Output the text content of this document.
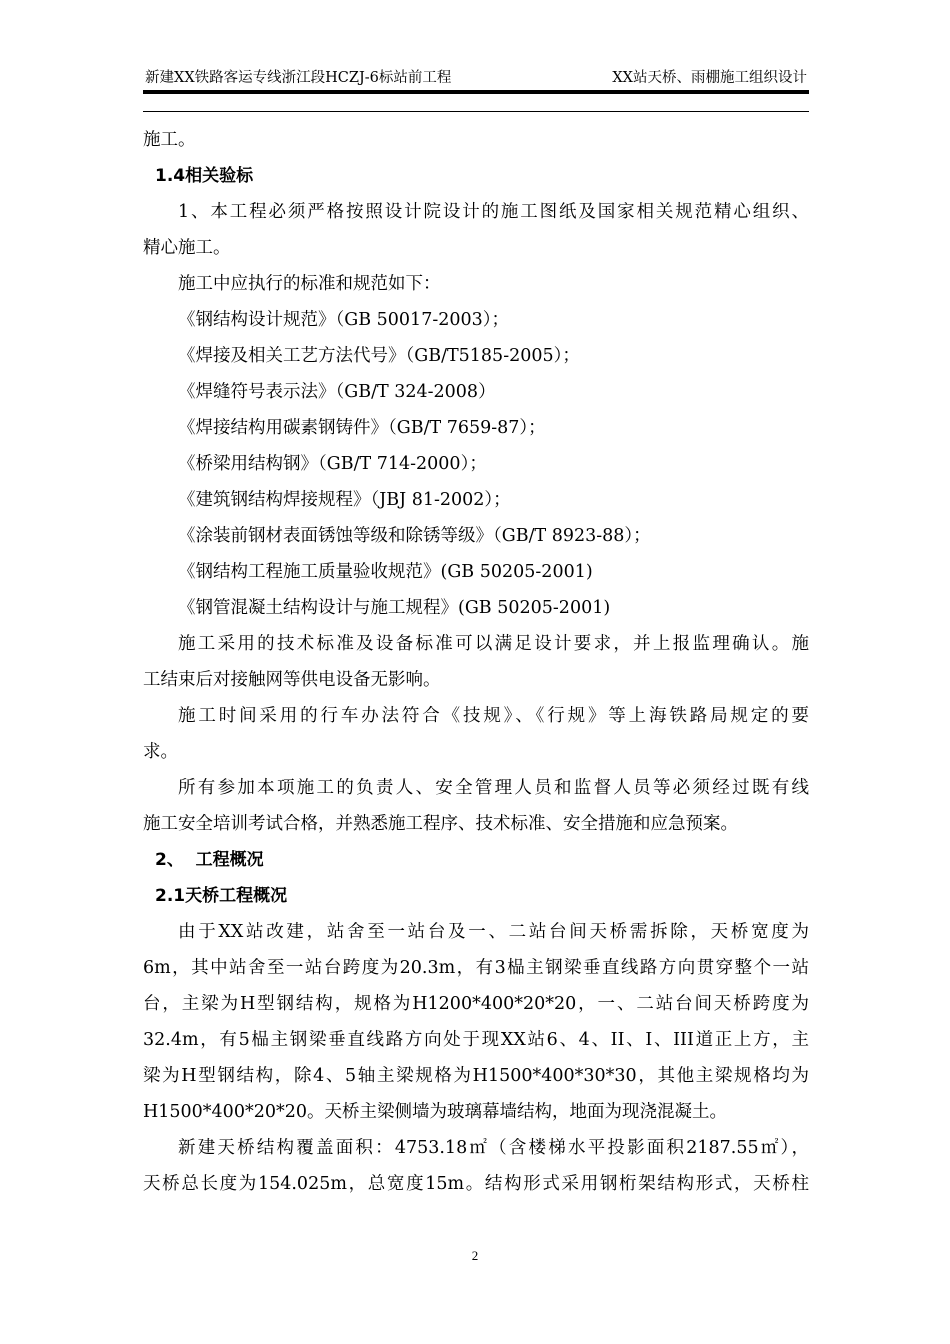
新建XX铁路客运专线浙江段HCZJ-6标站前工程	XX站天桥、雨棚施工组织设计
施工。
1.4相关验标
1、本工程必须严格按照设计院设计的施工图纸及国家相关规范精心组织、
精心施工。
施工中应执行的标准和规范如下：
《钢结构设计规范》（GB 50017-2003）；
《焊接及相关工艺方法代号》（GB/T5185-2005）；
《焊缝符号表示法》（GB/T 324-2008）
《焊接结构用碳素钢铸件》（GB/T 7659-87）；
《桥梁用结构钢》（GB/T 714-2000）；
《建筑钢结构焊接规程》（JBJ 81-2002）；
《涂装前钢材表面锈蚀等级和除锈等级》（GB/T 8923-88）；
《钢结构工程施工质量验收规范》(GB 50205-2001)
《钢管混凝土结构设计与施工规程》(GB 50205-2001)
施工采用的技术标准及设备标准可以满足设计要求，并上报监理确认。施
工结束后对接触网等供电设备无影响。
施工时间采用的行车办法符合《技规》、《行规》等上海铁路局规定的要
求。
所有参加本项施工的负责人、安全管理人员和监督人员等必须经过既有线
施工安全培训考试合格，并熟悉施工程序、技术标准、安全措施和应急预案。
2、  工程概况
2.1天桥工程概况
由于XX站改建，站舍至一站台及一、二站台间天桥需拆除，天桥宽度为
6m，其中站舍至一站台跨度为20.3m，有3榀主钢梁垂直线路方向贯穿整个一站
台，主梁为H型钢结构，规格为H1200*400*20*20，一、二站台间天桥跨度为
32.4m，有5榀主钢梁垂直线路方向处于现XX站6、4、II、I、III道正上方，主
梁为H型钢结构，除4、5轴主梁规格为H1500*400*30*30，其他主梁规格均为
H1500*400*20*20。天桥主梁侧墙为玻璃幕墙结构，地面为现浇混凝土。
新建天桥结构覆盖面积：4753.18㎡（含楼梯水平投影面积2187.55㎡），
天桥总长度为154.025m，总宽度15m。结构形式采用钢桁架结构形式，天桥柱
2
